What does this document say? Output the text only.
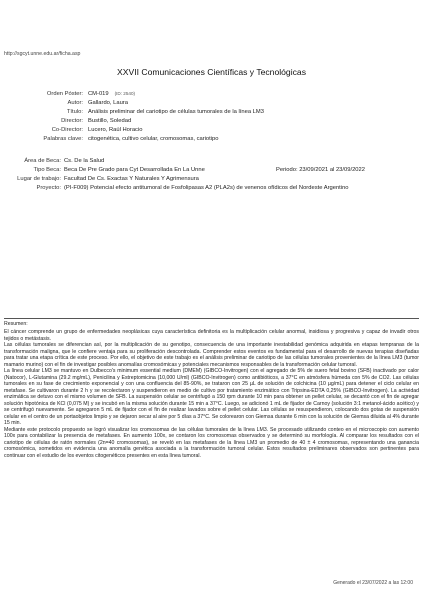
http://sgcyt.unne.edu.ar/ficha.asp
XXVII Comunicaciones Científicas y Tecnológicas
Orden Póster: CM-019 (ID: 2540)
Autor: Gallardo, Laura
Título: Análisis preliminar del cariotipo de células tumorales de la línea LM3
Director: Bustillo, Soledad
Co-Director: Lucero, Raúl Horacio
Palabras clave: citogenética, cultivo celular, cromosomas, cariotipo
Área de Beca: Cs. De la Salud
Tipo Beca: Beca De Pre Grado para Cyt Desarrollada En La Unne	Periodo: 23/09/2021 al 23/09/2022
Lugar de trabajo: Facultad De Cs. Exactas Y Naturales Y Agrimensura
Proyecto: (PI-F009) Potencial efecto antitumoral de Fosfolipasas A2 (PLA2s) de venenos ofídicos del Nordeste Argentino

Resumen:

El cáncer comprende un grupo de enfermedades neoplásicas cuya característica definitoria es la multiplicación celular anormal, insidiosa y progresiva y capaz de invadir otros tejidos o metástasis.

Las células tumorales se diferencian así, por la multiplicación de su genotipo, consecuencia de una importante inestabilidad genómica adquirida en etapas tempranas de la transformación maligna, que le confiere ventaja para su proliferación descontrolada. Comprender estos eventos es fundamental para el desarrollo de nuevas terapias diseñadas para tratar una etapa crítica de este proceso. Por ello, el objetivo de este trabajo es el análisis preliminar de cariotipo de las células tumorales provenientes de la línea LM3 (tumor mamario murino) con el fin de investigar posibles anomalías cromosómicas y potenciales mecanismos responsables de la transformación celular tumoral.

La línea celular LM3 se mantuvo en Dulbecco's minimum essential medium (DMEM) (GIBCO-Invitrogen) con el agregado de 5% de suero fetal bovino (SFB) inactivado por calor (Natocor), L-Glutamina (29.2 mg/mL), Penicilina y Estreptomicina (10,000 U/ml) (GIBCO-Invitrogen) como antibióticos, a 37°C en atmósfera húmeda con 5% de CO2. Las células tumorales en su fase de crecimiento exponencial y con una confluencia del 85-90%, se trataron con 25 µL de solución de colchicina (10 µg/mL) para detener el ciclo celular en metafase. Se cultivaron durante 2 h y se recolectaron y suspendieron en medio de cultivo por tratamiento enzimático con Tripsina-EDTA 0,25% (GIBCO-Invitrogen). La actividad enzimática se detuvo con el mismo volumen de SFB. La suspensión celular se centrifugó a 150 rpm durante 10 min para obtener un pellet celular, se decantó con el fin de agregar solución hipotónica de KCl (0,075 M) y se incubó en la misma solución durante 15 min a 37°C. Luego, se adicionó 1 mL de fijador de Carnoy (solución 3:1 metanol-ácido acético) y se centrifugó nuevamente. Se agregaron 5 mL de fijador con el fin de realizar lavados sobre el pellet celular. Las células se resuspendieron, colocando dos gotas de suspensión celular en el centro de un portaobjetos limpio y se dejaron secar al aire por 5 días a 37°C. Se colorearon con Giemsa durante 6 min con la solución de Giemsa diluida al 4% durante 15 min.

Mediante este protocolo propuesto se logró visualizar los cromosomas de las células tumorales de la línea LM3. Se procesado utilizando conteo en el microscopio con aumento 100x para contabilizar la presencia de metafases. En aumento 100x, se contaron los cromosomas observados y se determinó su morfología. Al comparar los resultados con el cariotipo de células de ratón normales (2n=40 cromosomas), se reveló en las metafases de la línea LM3 un promedio de 40 ± 4 cromosomas, representando una ganancia cromosómica, sometidos en evidencia una anomalía genética asociada a la transformación tumoral celular. Estos resultados preliminares observados son pertinentes para continuar con el estudio de los eventos citogenéticos presentes en esta línea tumoral.

Generado el 23/07/2022 a las 12:00
